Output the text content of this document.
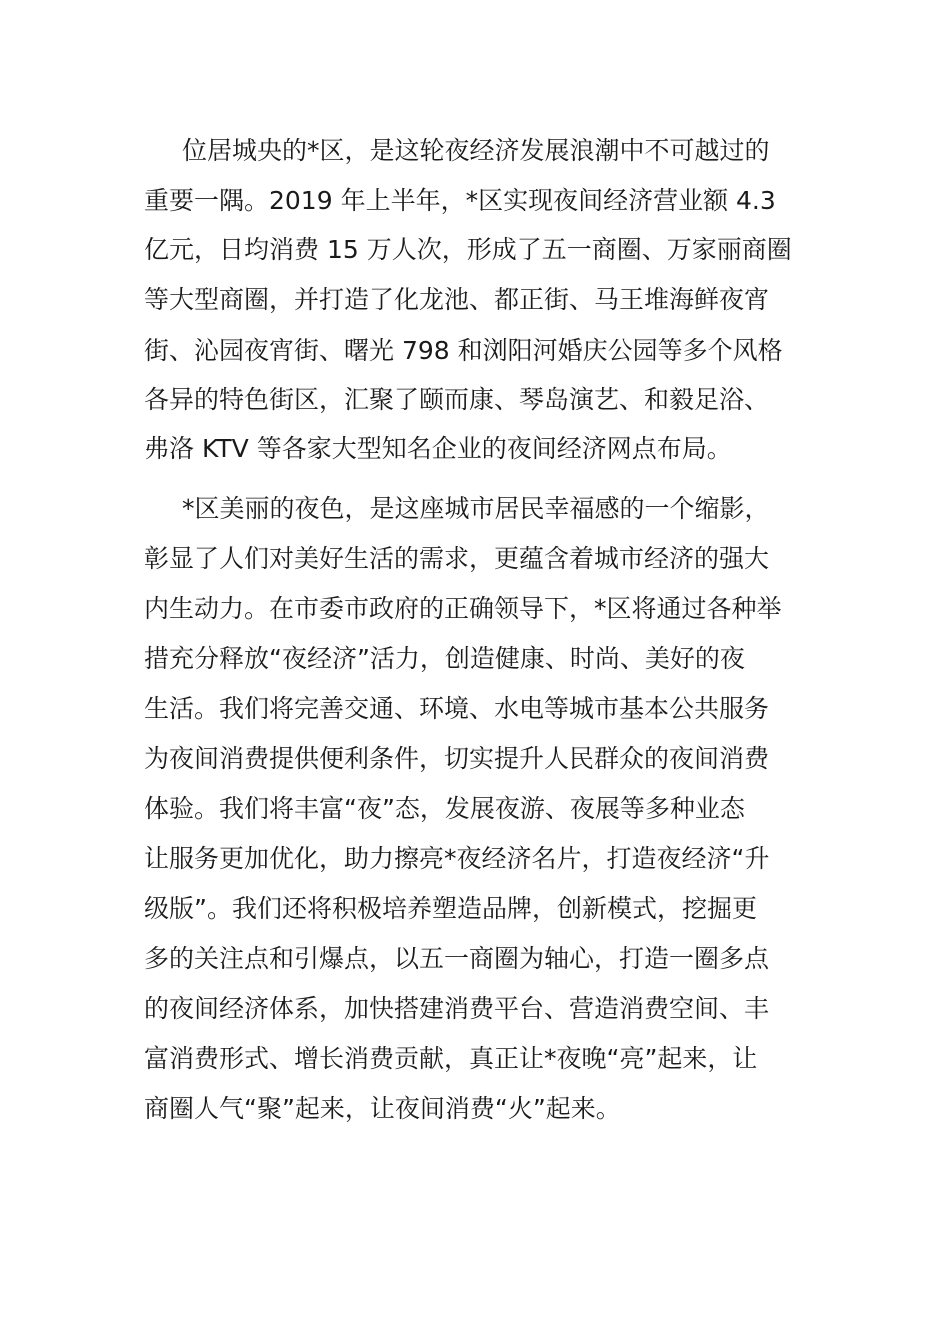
位居城央的*区，是这轮夜经济发展浪潮中不可越过的
重要一隅。2019 年上半年，*区实现夜间经济营业额 4.3
亿元，日均消费 15 万人次，形成了五一商圈、万家丽商圈
等大型商圈，并打造了化龙池、都正街、马王堆海鲜夜宵
街、沁园夜宵街、曙光 798 和浏阳河婚庆公园等多个风格
各异的特色街区，汇聚了颐而康、琴岛演艺、和毅足浴、
弗洛 KTV 等各家大型知名企业的夜间经济网点布局。
*区美丽的夜色，是这座城市居民幸福感的一个缩影，
彰显了人们对美好生活的需求，更蕴含着城市经济的强大
内生动力。在市委市政府的正确领导下，*区将通过各种举
措充分释放“夜经济”活力，创造健康、时尚、美好的夜
生活。我们将完善交通、环境、水电等城市基本公共服务
为夜间消费提供便利条件，切实提升人民群众的夜间消费
体验。我们将丰富“夜”态，发展夜游、夜展等多种业态
让服务更加优化，助力擦亮*夜经济名片，打造夜经济“升
级版”。我们还将积极培养塑造品牌，创新模式，挖掘更
多的关注点和引爆点，以五一商圈为轴心，打造一圈多点
的夜间经济体系，加快搭建消费平台、营造消费空间、丰
富消费形式、增长消费贡献，真正让*夜晚“亮”起来，让
商圈人气“聚”起来，让夜间消费“火”起来。
